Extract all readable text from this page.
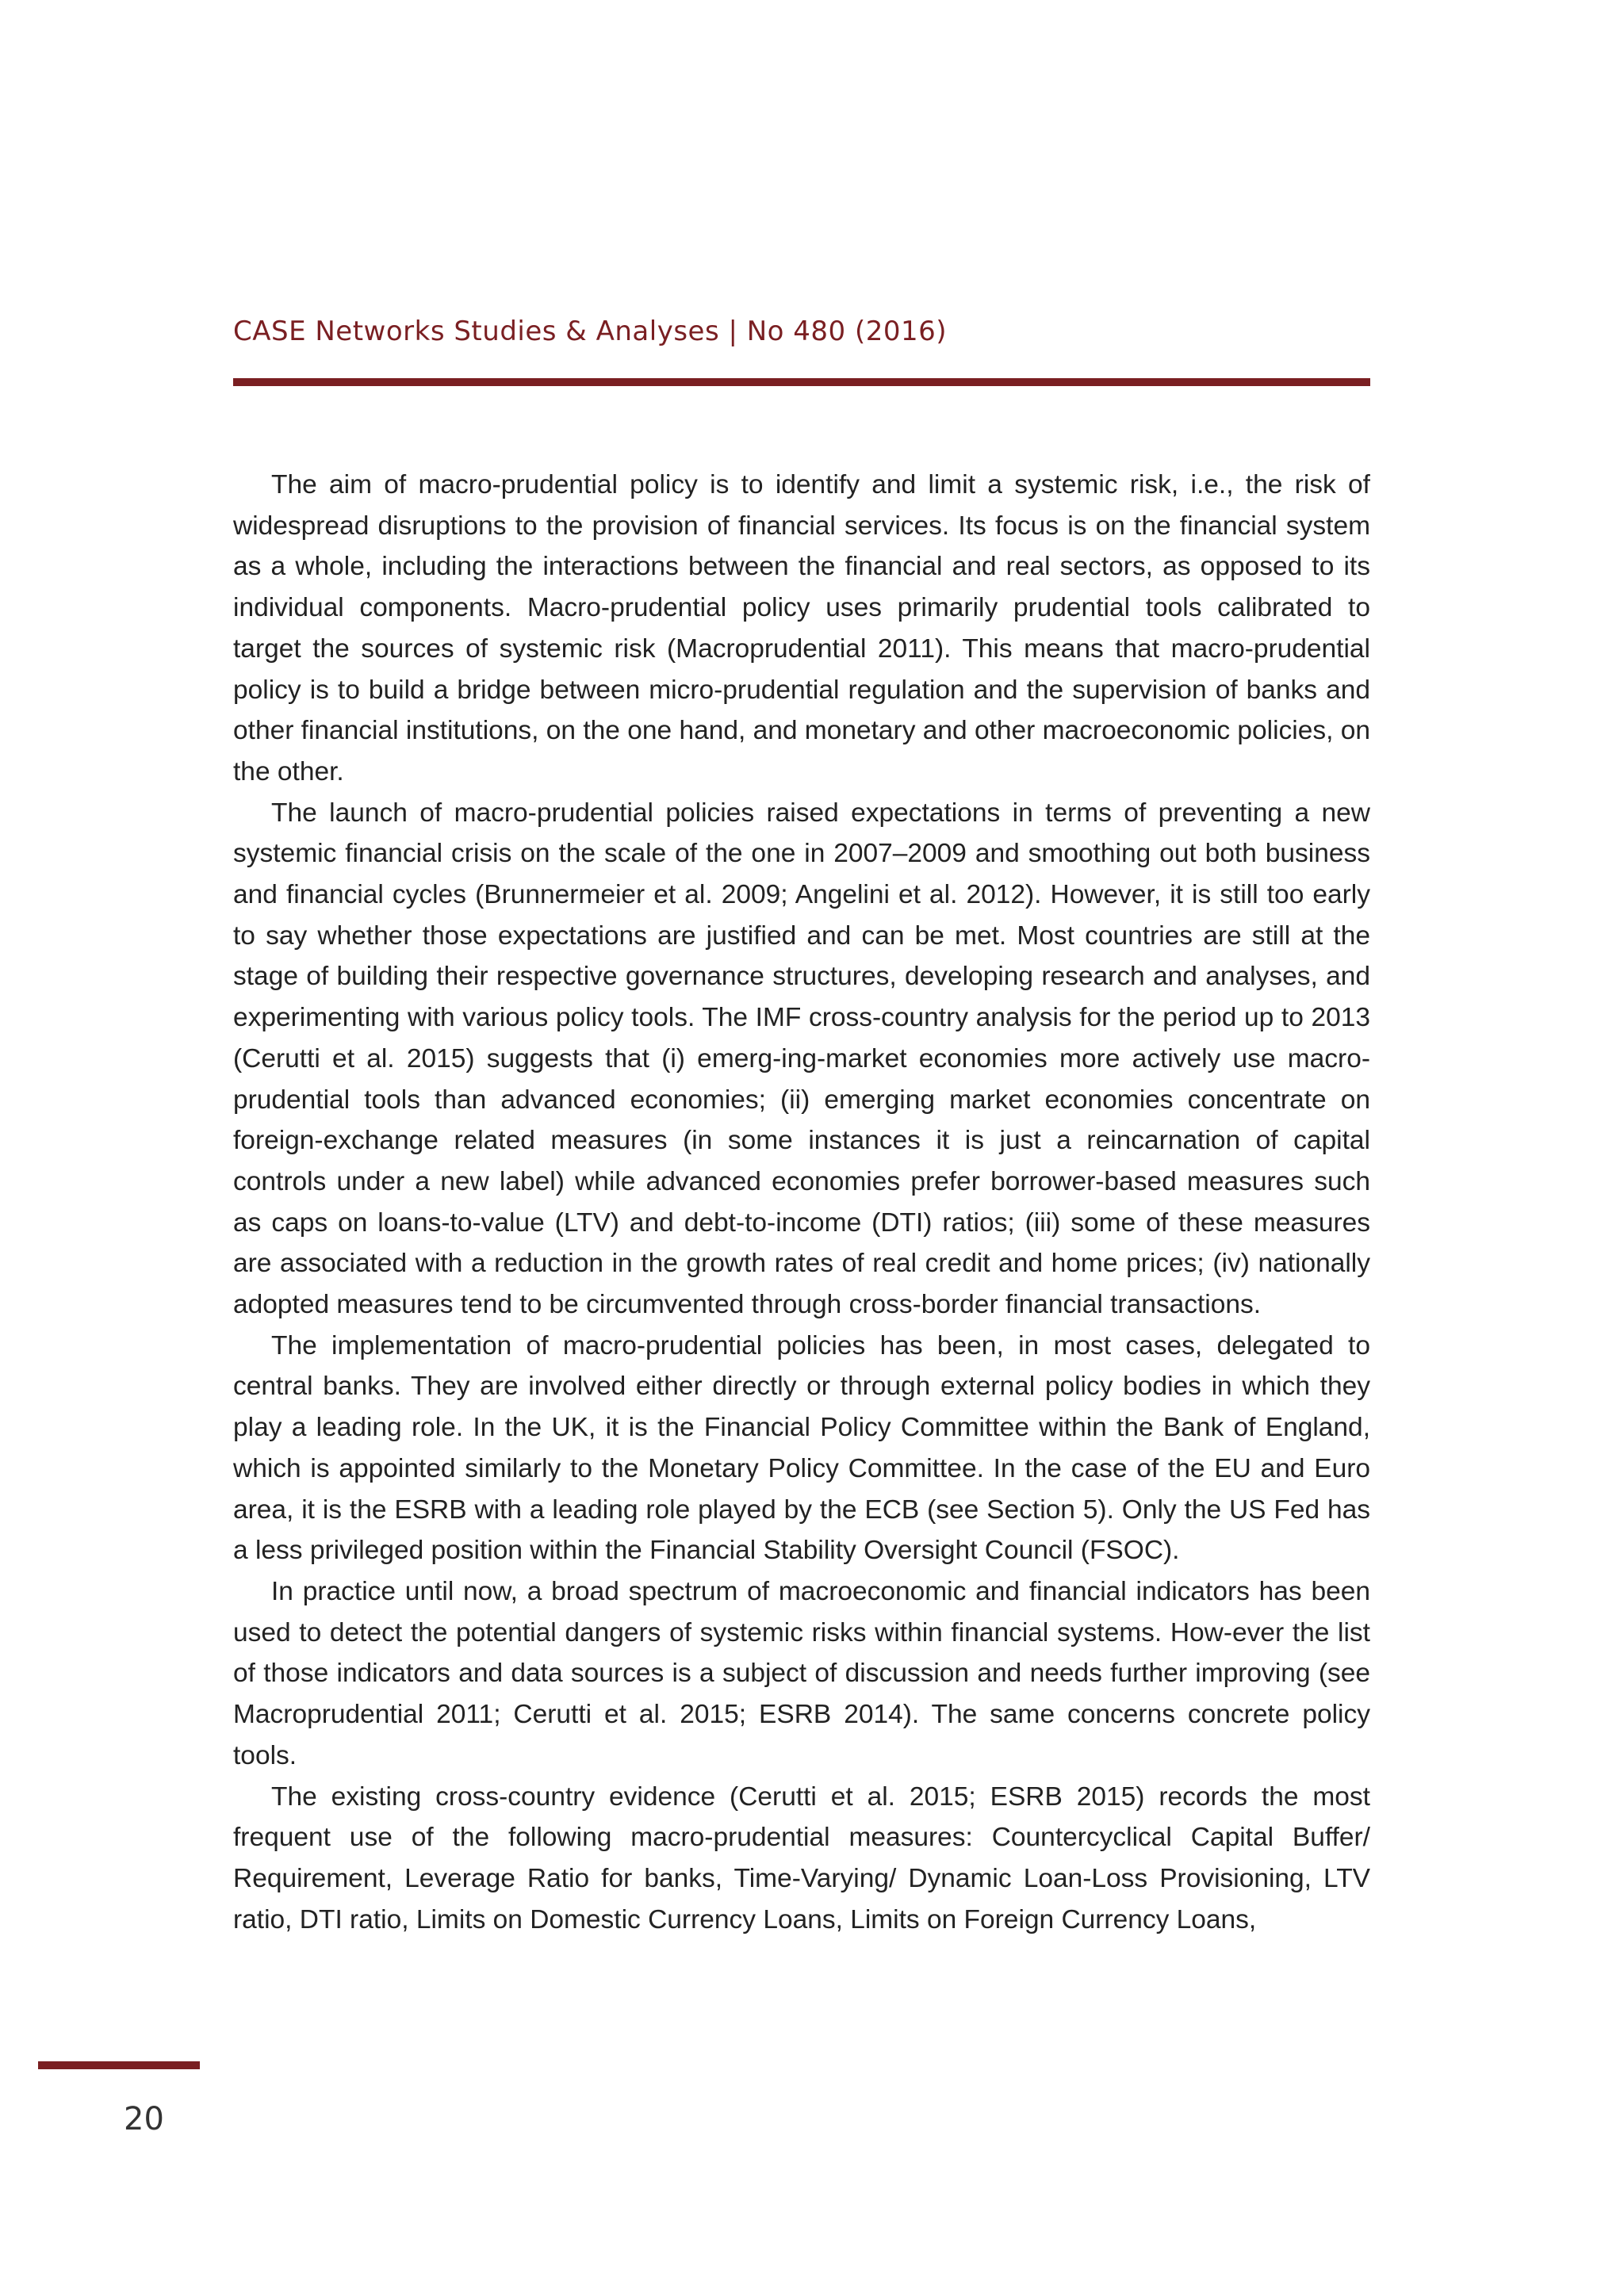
CASE Networks Studies & Analyses | No 480 (2016)

The aim of macro-prudential policy is to identify and limit a systemic risk, i.e., the risk of widespread disruptions to the provision of financial services. Its focus is on the financial system as a whole, including the interactions between the financial and real sectors, as opposed to its individual components. Macro-prudential policy uses primarily prudential tools calibrated to target the sources of systemic risk (Macroprudential 2011). This means that macro-prudential policy is to build a bridge between micro-prudential regulation and the supervision of banks and other financial institutions, on the one hand, and monetary and other macroeconomic policies, on the other.

The launch of macro-prudential policies raised expectations in terms of preventing a new systemic financial crisis on the scale of the one in 2007–2009 and smoothing out both business and financial cycles (Brunnermeier et al. 2009; Angelini et al. 2012). However, it is still too early to say whether those expectations are justified and can be met. Most countries are still at the stage of building their respective governance structures, developing research and analyses, and experimenting with various policy tools. The IMF cross-country analysis for the period up to 2013 (Cerutti et al. 2015) suggests that (i) emerg-ing-market economies more actively use macro-prudential tools than advanced economies; (ii) emerging market economies concentrate on foreign-exchange related measures (in some instances it is just a reincarnation of capital controls under a new label) while advanced economies prefer borrower-based measures such as caps on loans-to-value (LTV) and debt-to-income (DTI) ratios; (iii) some of these measures are associated with a reduction in the growth rates of real credit and home prices; (iv) nationally adopted measures tend to be circumvented through cross-border financial transactions.

The implementation of macro-prudential policies has been, in most cases, delegated to central banks. They are involved either directly or through external policy bodies in which they play a leading role. In the UK, it is the Financial Policy Committee within the Bank of England, which is appointed similarly to the Monetary Policy Committee. In the case of the EU and Euro area, it is the ESRB with a leading role played by the ECB (see Section 5). Only the US Fed has a less privileged position within the Financial Stability Oversight Council (FSOC).

In practice until now, a broad spectrum of macroeconomic and financial indicators has been used to detect the potential dangers of systemic risks within financial systems. How-ever the list of those indicators and data sources is a subject of discussion and needs further improving (see Macroprudential 2011; Cerutti et al. 2015; ESRB 2014). The same concerns concrete policy tools.

The existing cross-country evidence (Cerutti et al. 2015; ESRB 2015) records the most frequent use of the following macro-prudential measures: Countercyclical Capital Buffer/ Requirement, Leverage Ratio for banks, Time-Varying/ Dynamic Loan-Loss Provisioning, LTV ratio, DTI ratio, Limits on Domestic Currency Loans, Limits on Foreign Currency Loans,

20
